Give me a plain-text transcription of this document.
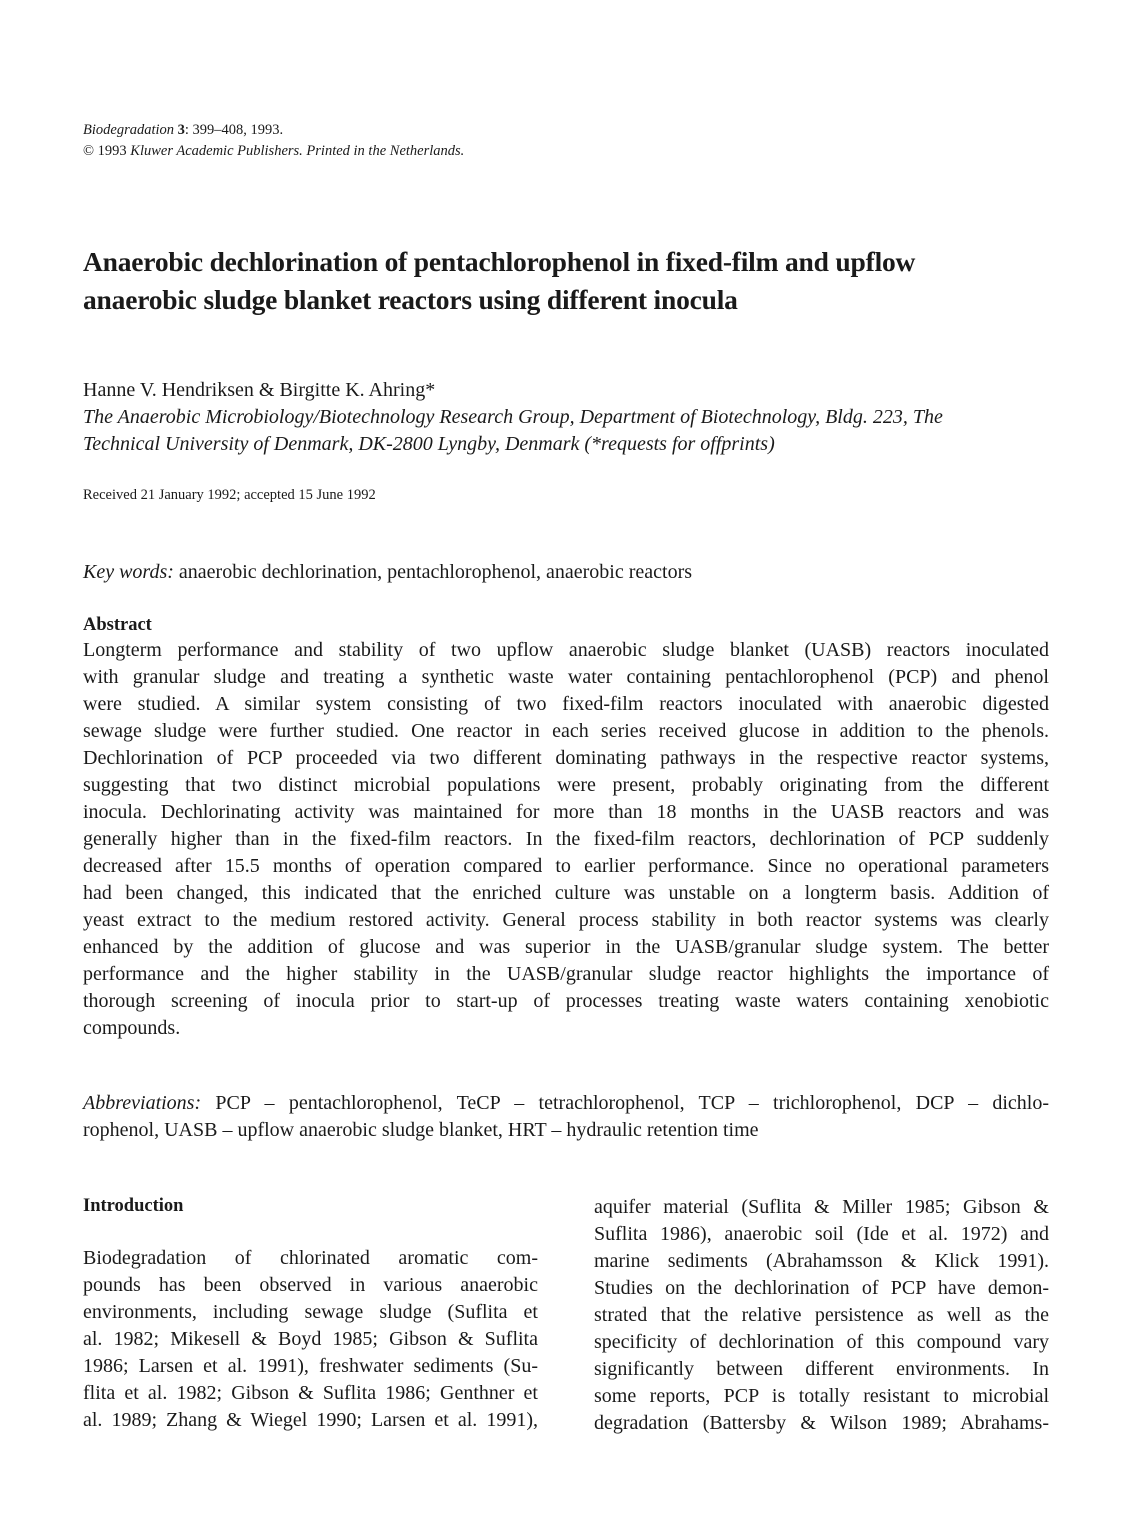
Biodegradation 3: 399–408, 1993.
© 1993 Kluwer Academic Publishers. Printed in the Netherlands.
Anaerobic dechlorination of pentachlorophenol in fixed-film and upflow
anaerobic sludge blanket reactors using different inocula
Hanne V. Hendriksen & Birgitte K. Ahring*
The Anaerobic Microbiology/Biotechnology Research Group, Department of Biotechnology, Bldg. 223, The
Technical University of Denmark, DK-2800 Lyngby, Denmark (*requests for offprints)
Received 21 January 1992; accepted 15 June 1992
Key words: anaerobic dechlorination, pentachlorophenol, anaerobic reactors
Abstract
Longterm performance and stability of two upflow anaerobic sludge blanket (UASB) reactors inoculated
with granular sludge and treating a synthetic waste water containing pentachlorophenol (PCP) and phenol
were studied. A similar system consisting of two fixed-film reactors inoculated with anaerobic digested
sewage sludge were further studied. One reactor in each series received glucose in addition to the phenols.
Dechlorination of PCP proceeded via two different dominating pathways in the respective reactor systems,
suggesting that two distinct microbial populations were present, probably originating from the different
inocula. Dechlorinating activity was maintained for more than 18 months in the UASB reactors and was
generally higher than in the fixed-film reactors. In the fixed-film reactors, dechlorination of PCP suddenly
decreased after 15.5 months of operation compared to earlier performance. Since no operational parameters
had been changed, this indicated that the enriched culture was unstable on a longterm basis. Addition of
yeast extract to the medium restored activity. General process stability in both reactor systems was clearly
enhanced by the addition of glucose and was superior in the UASB/granular sludge system. The better
performance and the higher stability in the UASB/granular sludge reactor highlights the importance of
thorough screening of inocula prior to start-up of processes treating waste waters containing xenobiotic
compounds.
Abbreviations: PCP – pentachlorophenol, TeCP – tetrachlorophenol, TCP – trichlorophenol, DCP – dichlo-
rophenol, UASB – upflow anaerobic sludge blanket, HRT – hydraulic retention time
Introduction
Biodegradation of chlorinated aromatic com-
pounds has been observed in various anaerobic
environments, including sewage sludge (Suflita et
al. 1982; Mikesell & Boyd 1985; Gibson & Suflita
1986; Larsen et al. 1991), freshwater sediments (Su-
flita et al. 1982; Gibson & Suflita 1986; Genthner et
al. 1989; Zhang & Wiegel 1990; Larsen et al. 1991),
aquifer material (Suflita & Miller 1985; Gibson &
Suflita 1986), anaerobic soil (Ide et al. 1972) and
marine sediments (Abrahamsson & Klick 1991).
Studies on the dechlorination of PCP have demon-
strated that the relative persistence as well as the
specificity of dechlorination of this compound vary
significantly between different environments. In
some reports, PCP is totally resistant to microbial
degradation (Battersby & Wilson 1989; Abrahams-
